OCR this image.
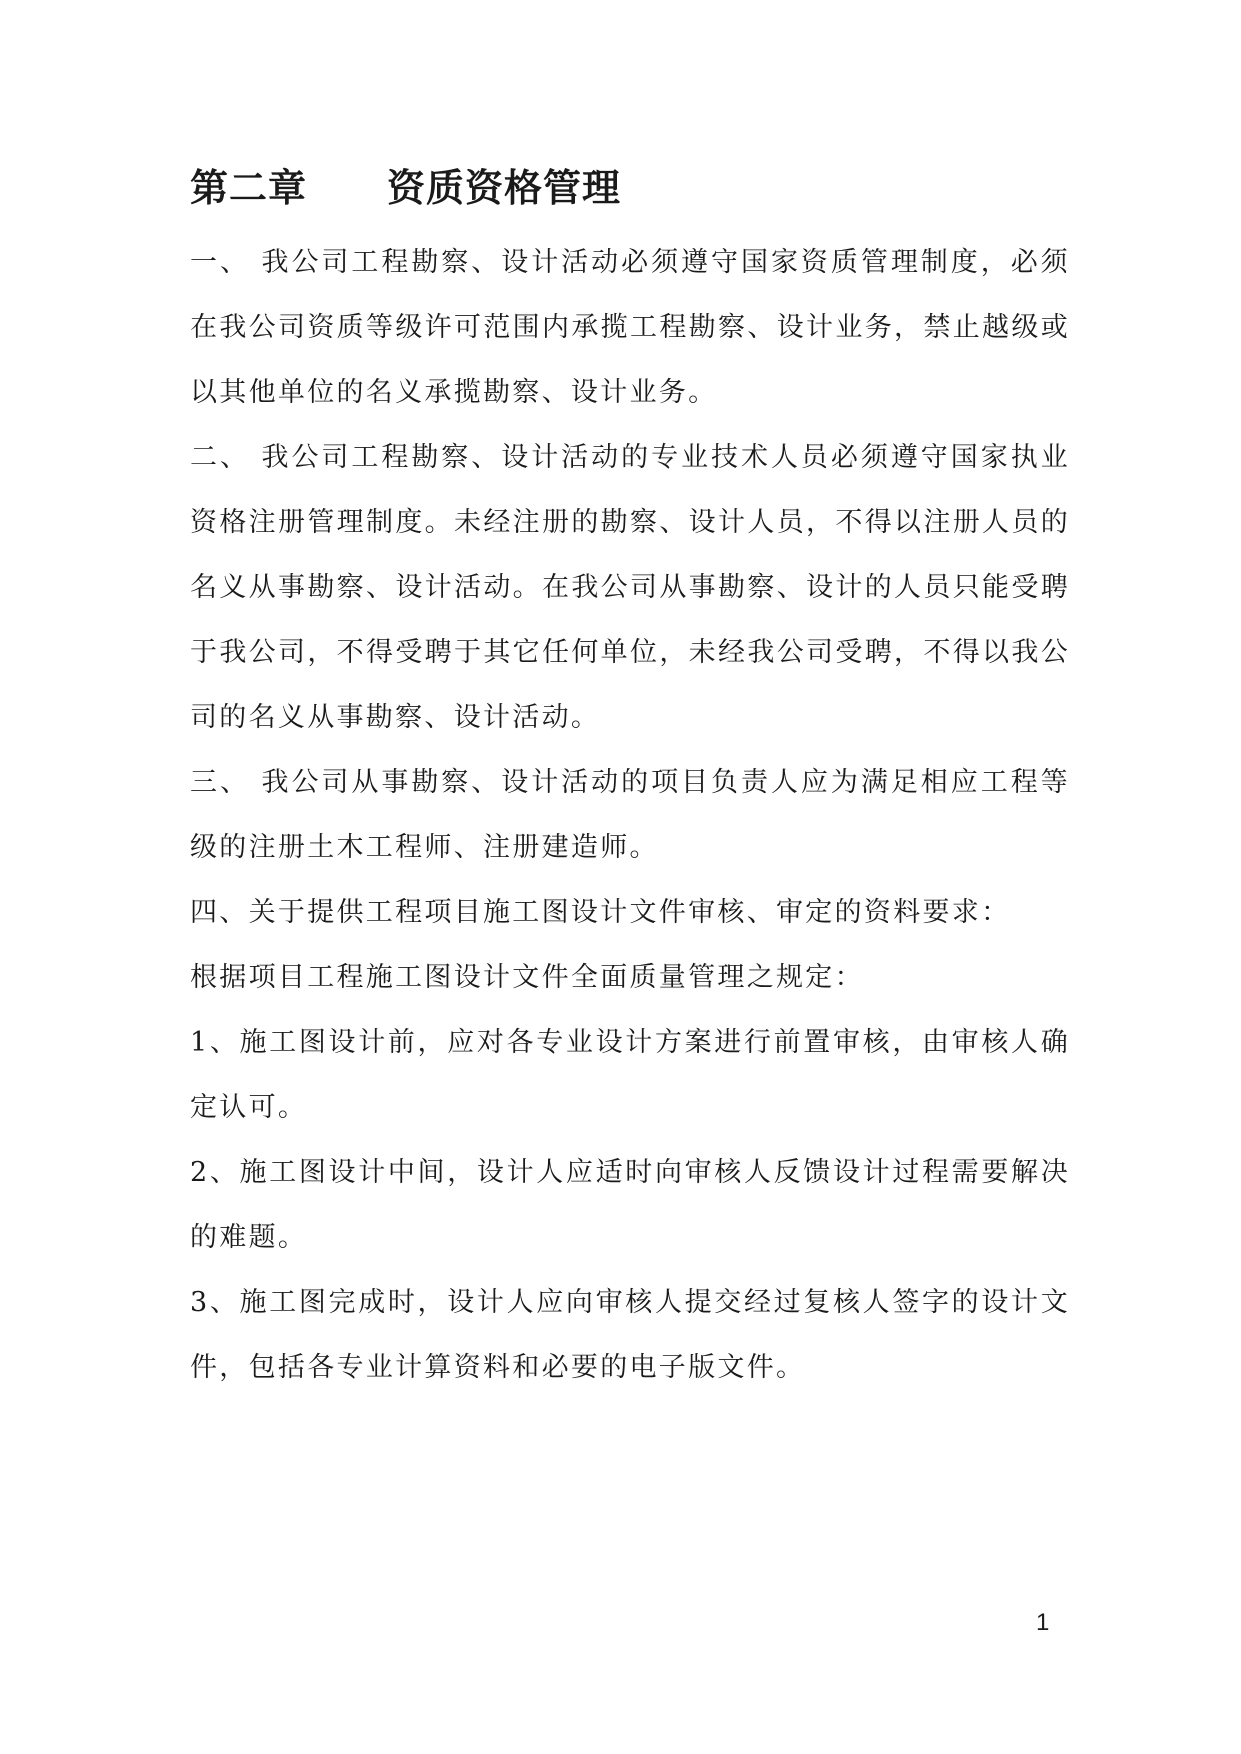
第二章 资质资格管理

一、 我公司工程勘察、设计活动必须遵守国家资质管理制度，必须在我公司资质等级许可范围内承揽工程勘察、设计业务，禁止越级或以其他单位的名义承揽勘察、设计业务。

二、 我公司工程勘察、设计活动的专业技术人员必须遵守国家执业资格注册管理制度。未经注册的勘察、设计人员，不得以注册人员的名义从事勘察、设计活动。在我公司从事勘察、设计的人员只能受聘于我公司，不得受聘于其它任何单位，未经我公司受聘，不得以我公司的名义从事勘察、设计活动。

三、 我公司从事勘察、设计活动的项目负责人应为满足相应工程等级的注册土木工程师、注册建造师。

四、关于提供工程项目施工图设计文件审核、审定的资料要求：

根据项目工程施工图设计文件全面质量管理之规定：

1、施工图设计前，应对各专业设计方案进行前置审核，由审核人确定认可。

2、施工图设计中间，设计人应适时向审核人反馈设计过程需要解决的难题。

3、施工图完成时，设计人应向审核人提交经过复核人签字的设计文件，包括各专业计算资料和必要的电子版文件。

1
